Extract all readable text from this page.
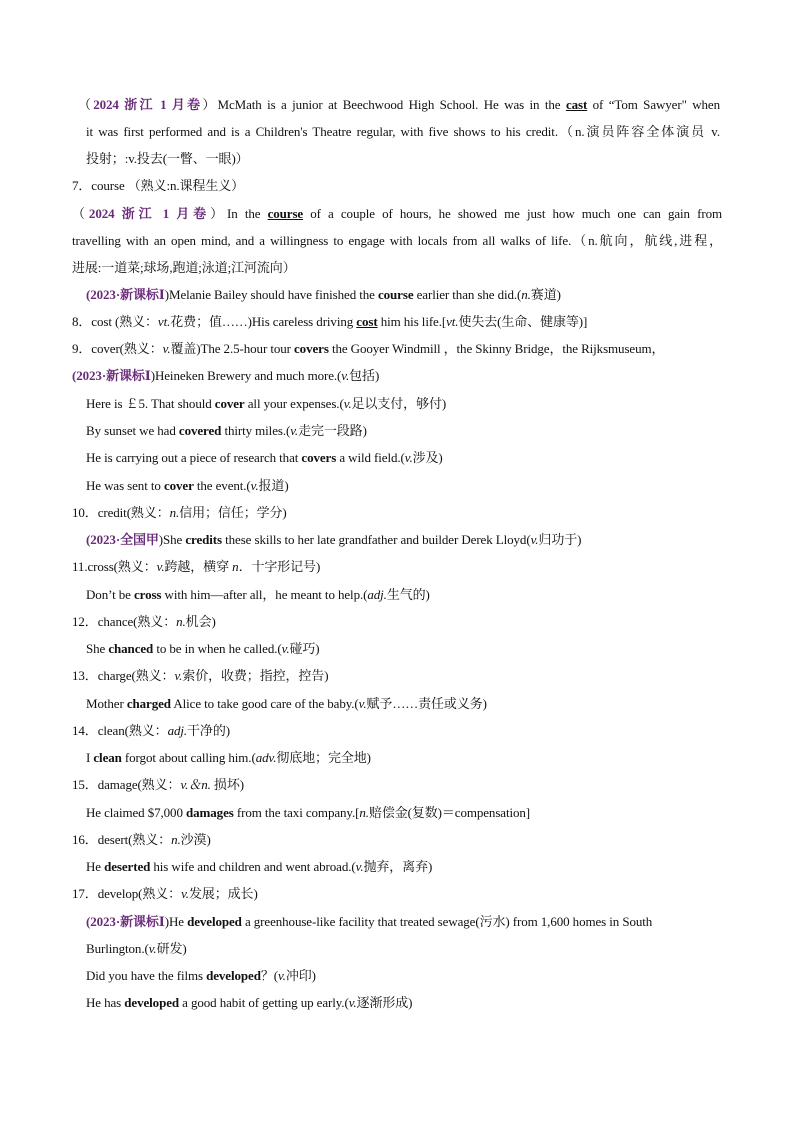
（2024 浙江 1 月卷）McMath is a junior at Beechwood High School. He was in the cast of “Tom Sawyer" when
it was first performed and is a Children's Theatre regular, with five shows to his credit.（n.演员阵容全体演员 v.
投射；:v.投去(一瞥、一眼)）
7．course （熟义:n.课程生义）
（2024 浙江 1 月卷）In the course of a couple of hours, he showed me just how much one can gain from
travelling with an open mind, and a willingness to engage with locals from all walks of life.（n.航向，航线,进程，
进展:一道菜;球场,跑道;泳道;江河流向）
(2023·新课标Ⅰ)Melanie Bailey should have finished the course earlier than she did.(n.赛道)
8．cost (熟义：vt.花费；值……)His careless driving cost him his life.[vt.使失去(生命、健康等)]
9．cover(熟义：v.覆盖)The 2.5-hour tour covers the Gooyer Windmill ，the Skinny Bridge，the Rijksmuseum，
(2023·新课标Ⅰ)Heineken Brewery and much more.(v.包括)
Here is ￡5. That should cover all your expenses.(v.足以支付，够付)
By sunset we had covered thirty miles.(v.走完一段路)
He is carrying out a piece of research that covers a wild field.(v.涉及)
He was sent to cover the event.(v.报道)
10．credit(熟义：n.信用；信任；学分)
(2023·全国甲)She credits these skills to her late grandfather and builder Derek Lloyd(v.归功于)
11.cross(熟义：v.跨越，横穿 n．十字形记号)
Don’t be cross with him—after all，he meant to help.(adj.生气的)
12．chance(熟义：n.机会)
She chanced to be in when he called.(v.碰巧)
13．charge(熟义：v.索价，收费；指控，控告)
Mother charged Alice to take good care of the baby.(v.赋予……责任或义务)
14．clean(熟义：adj.干净的)
I clean forgot about calling him.(adv.彻底地；完全地)
15．damage(熟义：v.＆n. 损坏)
He claimed $7,000 damages from the taxi company.[n.赔偿金(复数)＝compensation]
16．desert(熟义：n.沙漠)
He deserted his wife and children and went abroad.(v.抛弃，离弃)
17．develop(熟义：v.发展；成长)
(2023·新课标Ⅰ)He developed a greenhouse-like facility that treated sewage(污水) from 1,600 homes in South
Burlington.(v.研发)
Did you have the films developed？(v.冲印)
He has developed a good habit of getting up early.(v.逐渐形成)
